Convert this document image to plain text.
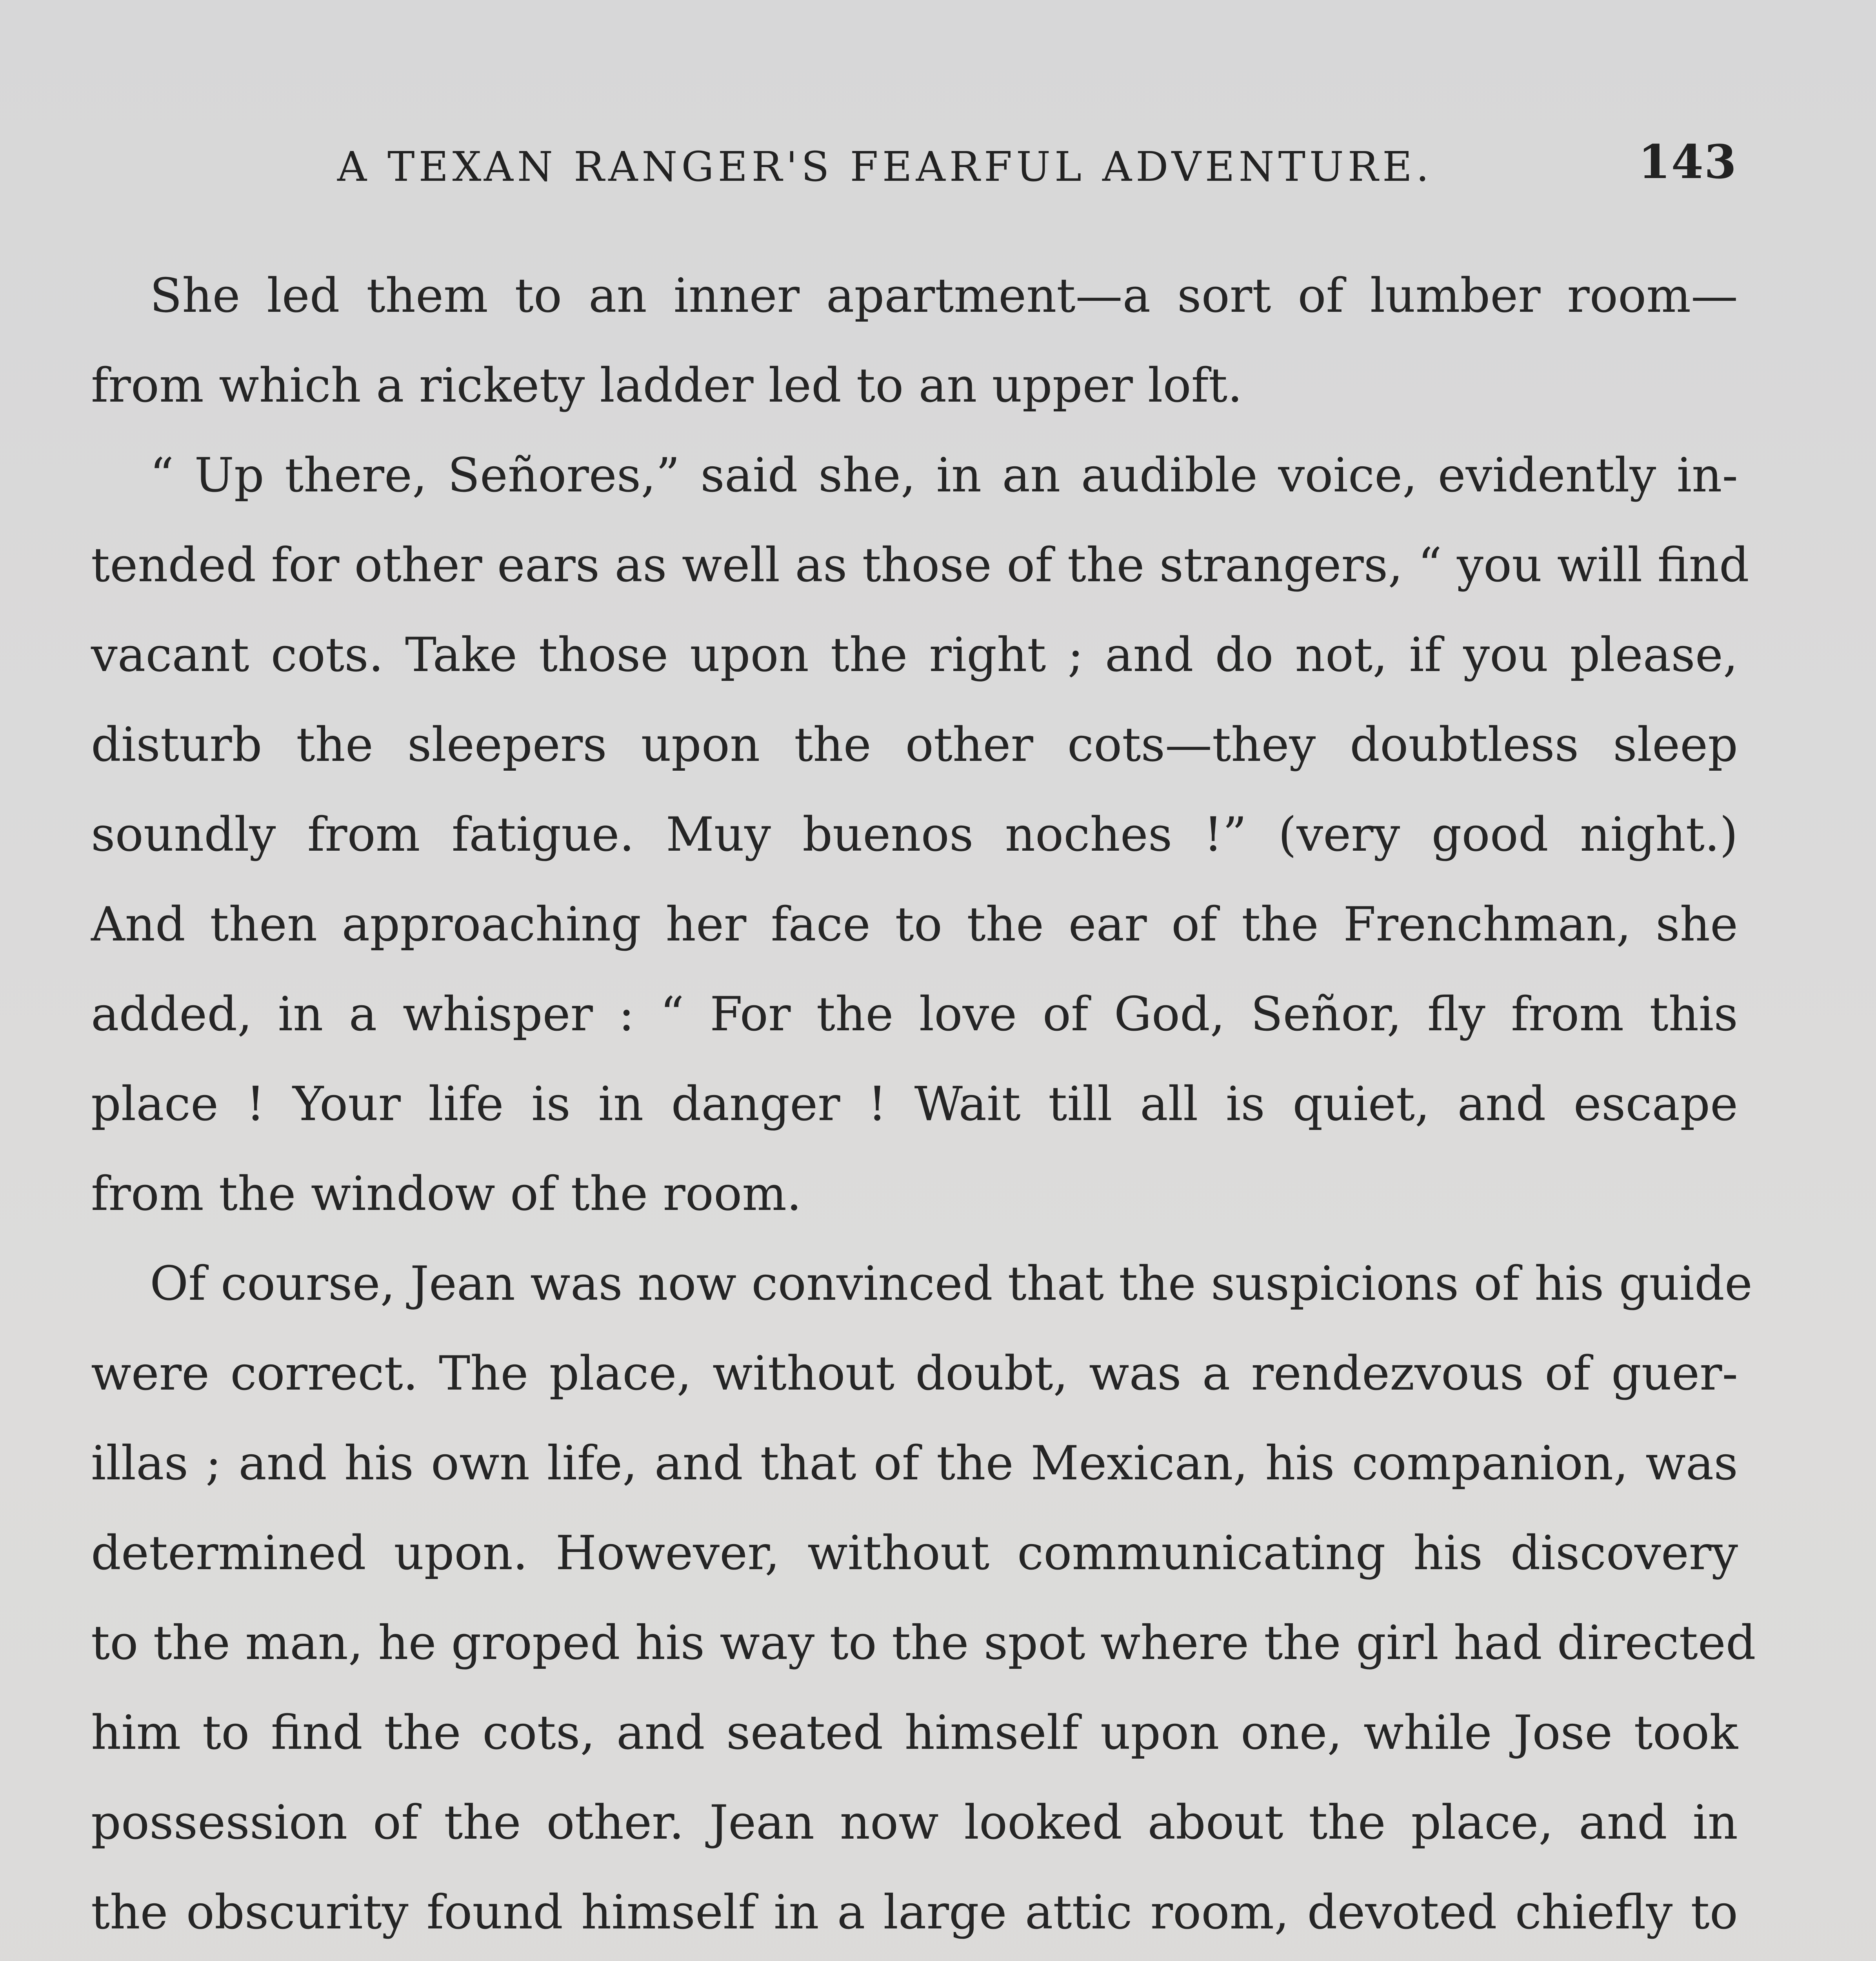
A TEXAN RANGER'S FEARFUL ADVENTURE.	143
She led them to an inner apartment—a sort of lumber room—
from which a rickety ladder led to an upper loft.
“ Up there, Señores,” said she, in an audible voice, evidently in-
tended for other ears as well as those of the strangers, “ you will find
vacant cots. Take those upon the right ; and do not, if you please,
disturb the sleepers upon the other cots—they doubtless sleep
soundly from fatigue. Muy buenos noches !” (very good night.)
And then approaching her face to the ear of the Frenchman, she
added, in a whisper : “ For the love of God, Señor, fly from this
place ! Your life is in danger ! Wait till all is quiet, and escape
from the window of the room.
Of course, Jean was now convinced that the suspicions of his guide
were correct. The place, without doubt, was a rendezvous of guer-
illas ; and his own life, and that of the Mexican, his companion, was
determined upon. However, without communicating his discovery
to the man, he groped his way to the spot where the girl had directed
him to find the cots, and seated himself upon one, while Jose took
possession of the other. Jean now looked about the place, and in
the obscurity found himself in a large attic room, devoted chiefly to
